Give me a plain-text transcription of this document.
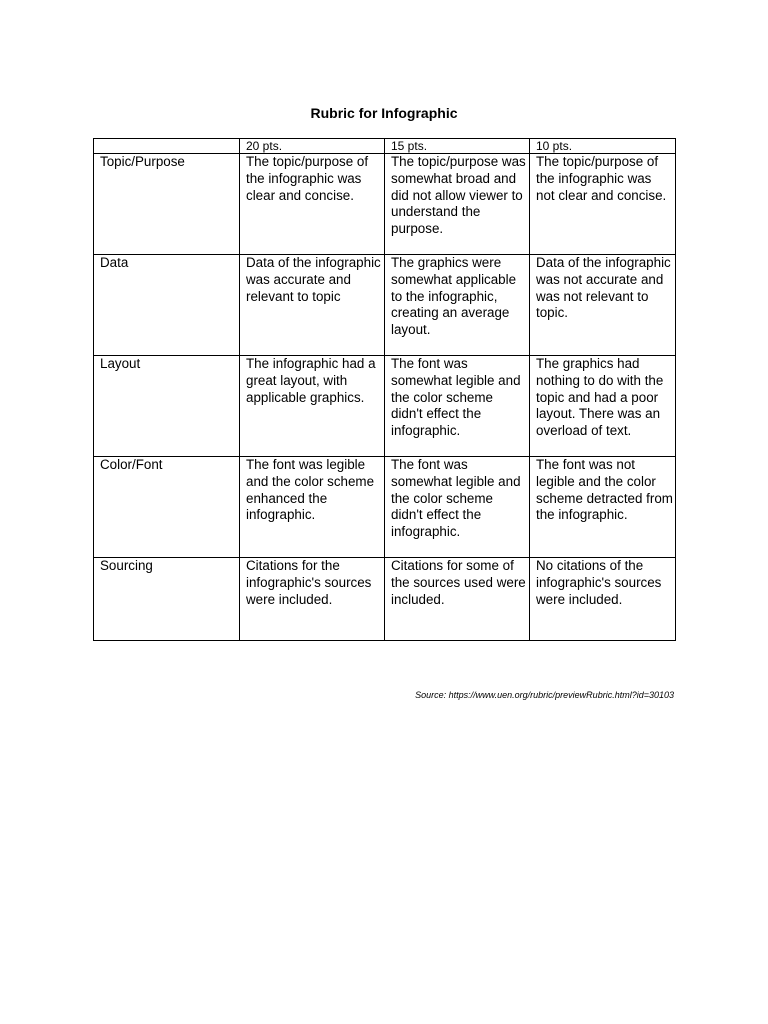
Rubric for Infographic
	20 pts.	15 pts.	10 pts.
Topic/Purpose	The topic/purpose of the infographic was clear and concise.	The topic/purpose was somewhat broad and did not allow viewer to understand the purpose.	The topic/purpose of the infographic was not clear and concise.
Data	Data of the infographic was accurate and relevant to topic	The graphics were somewhat applicable to the infographic, creating an average layout.	Data of the infographic was not accurate and was not relevant to topic.
Layout	The infographic had a great layout, with applicable graphics.	The font was somewhat legible and the color scheme didn't effect the infographic.	The graphics had nothing to do with the topic and had a poor layout. There was an overload of text.
Color/Font	The font was legible and the color scheme enhanced the infographic.	The font was somewhat legible and the color scheme didn't effect the infographic.	The font was not legible and the color scheme detracted from the infographic.
Sourcing	Citations for the infographic's sources were included.	Citations for some of the sources used were included.	No citations of the infographic's sources were included.
Source: https://www.uen.org/rubric/previewRubric.html?id=30103
